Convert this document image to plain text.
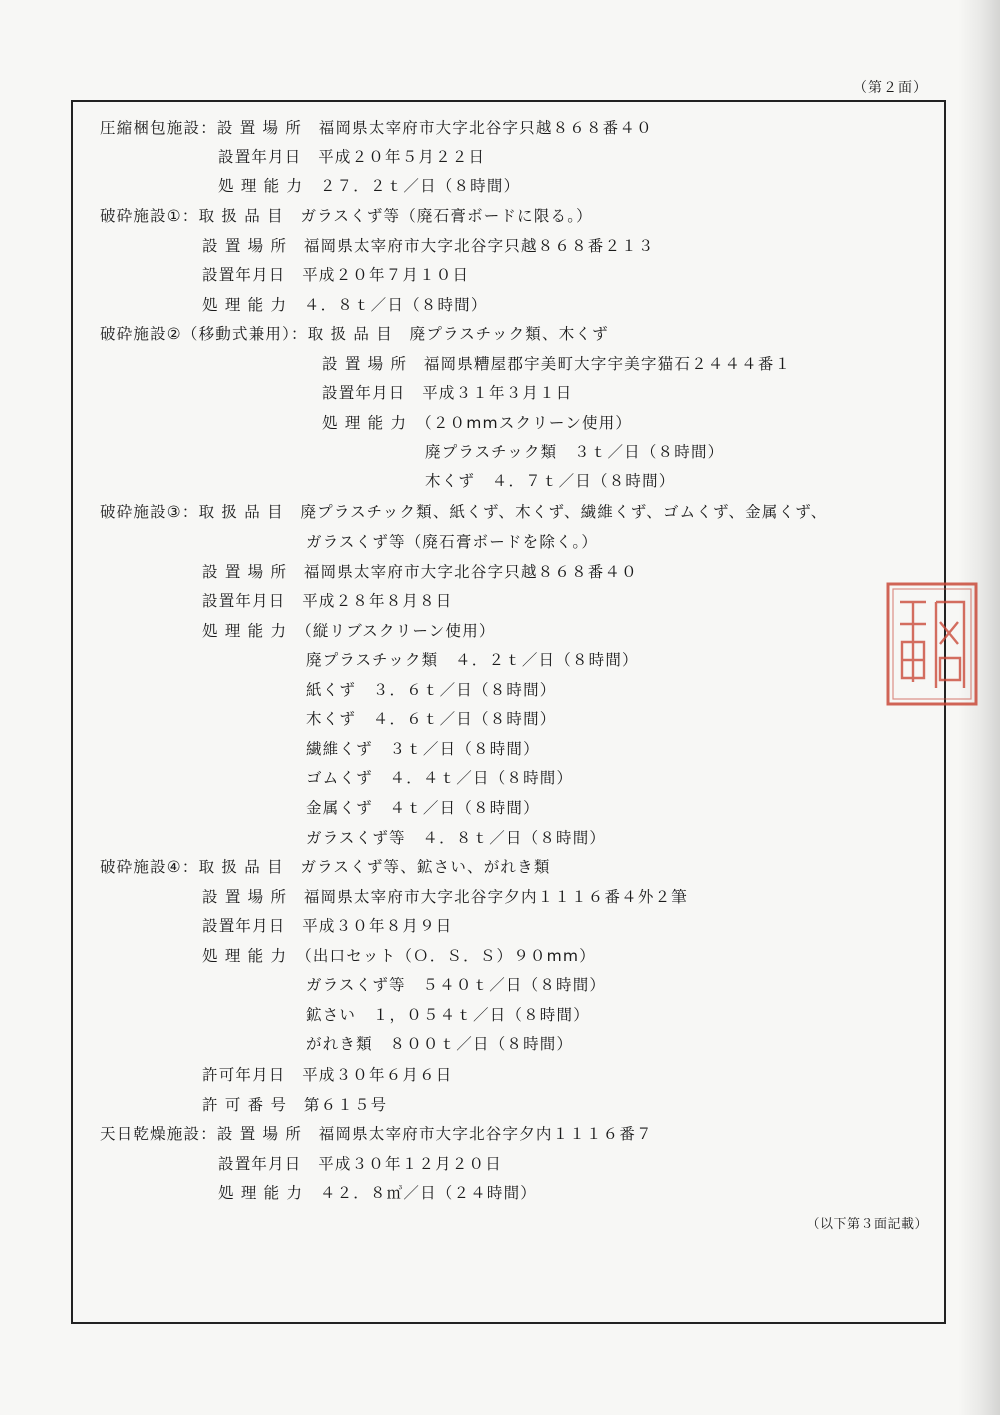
（第２面）
圧縮梱包施設：設 置 場 所　福岡県太宰府市大字北谷字只越８６８番４０
設置年月日　平成２０年５月２２日
処 理 能 力　２７．２ｔ／日（８時間）
破砕施設①：取 扱 品 目　ガラスくず等（廃石膏ボードに限る。）
設 置 場 所　福岡県太宰府市大字北谷字只越８６８番２１３
設置年月日　平成２０年７月１０日
処 理 能 力　４．８ｔ／日（８時間）
破砕施設②（移動式兼用）：取 扱 品 目　廃プラスチック類、木くず
設 置 場 所　福岡県糟屋郡宇美町大字宇美字猫石２４４４番１
設置年月日　平成３１年３月１日
処 理 能 力　（２０mmスクリーン使用）
廃プラスチック類　３ｔ／日（８時間）
木くず　４．７ｔ／日（８時間）
破砕施設③：取 扱 品 目　廃プラスチック類、紙くず、木くず、繊維くず、ゴムくず、金属くず、
ガラスくず等（廃石膏ボードを除く。）
設 置 場 所　福岡県太宰府市大字北谷字只越８６８番４０
設置年月日　平成２８年８月８日
処 理 能 力　（縦リブスクリーン使用）
廃プラスチック類　４．２ｔ／日（８時間）
紙くず　３．６ｔ／日（８時間）
木くず　４．６ｔ／日（８時間）
繊維くず　３ｔ／日（８時間）
ゴムくず　４．４ｔ／日（８時間）
金属くず　４ｔ／日（８時間）
ガラスくず等　４．８ｔ／日（８時間）
破砕施設④：取 扱 品 目　ガラスくず等、鉱さい、がれき類
設 置 場 所　福岡県太宰府市大字北谷字夕内１１１６番４外２筆
設置年月日　平成３０年８月９日
処 理 能 力　（出口セット（Ｏ．Ｓ．Ｓ）９０mm）
ガラスくず等　５４０ｔ／日（８時間）
鉱さい　１，０５４ｔ／日（８時間）
がれき類　８００ｔ／日（８時間）
許可年月日　平成３０年６月６日
許 可 番 号　第６１５号
天日乾燥施設：設 置 場 所　福岡県太宰府市大字北谷字夕内１１１６番７
設置年月日　平成３０年１２月２０日
処 理 能 力　４２．８㎥／日（２４時間）
（以下第３面記載）
